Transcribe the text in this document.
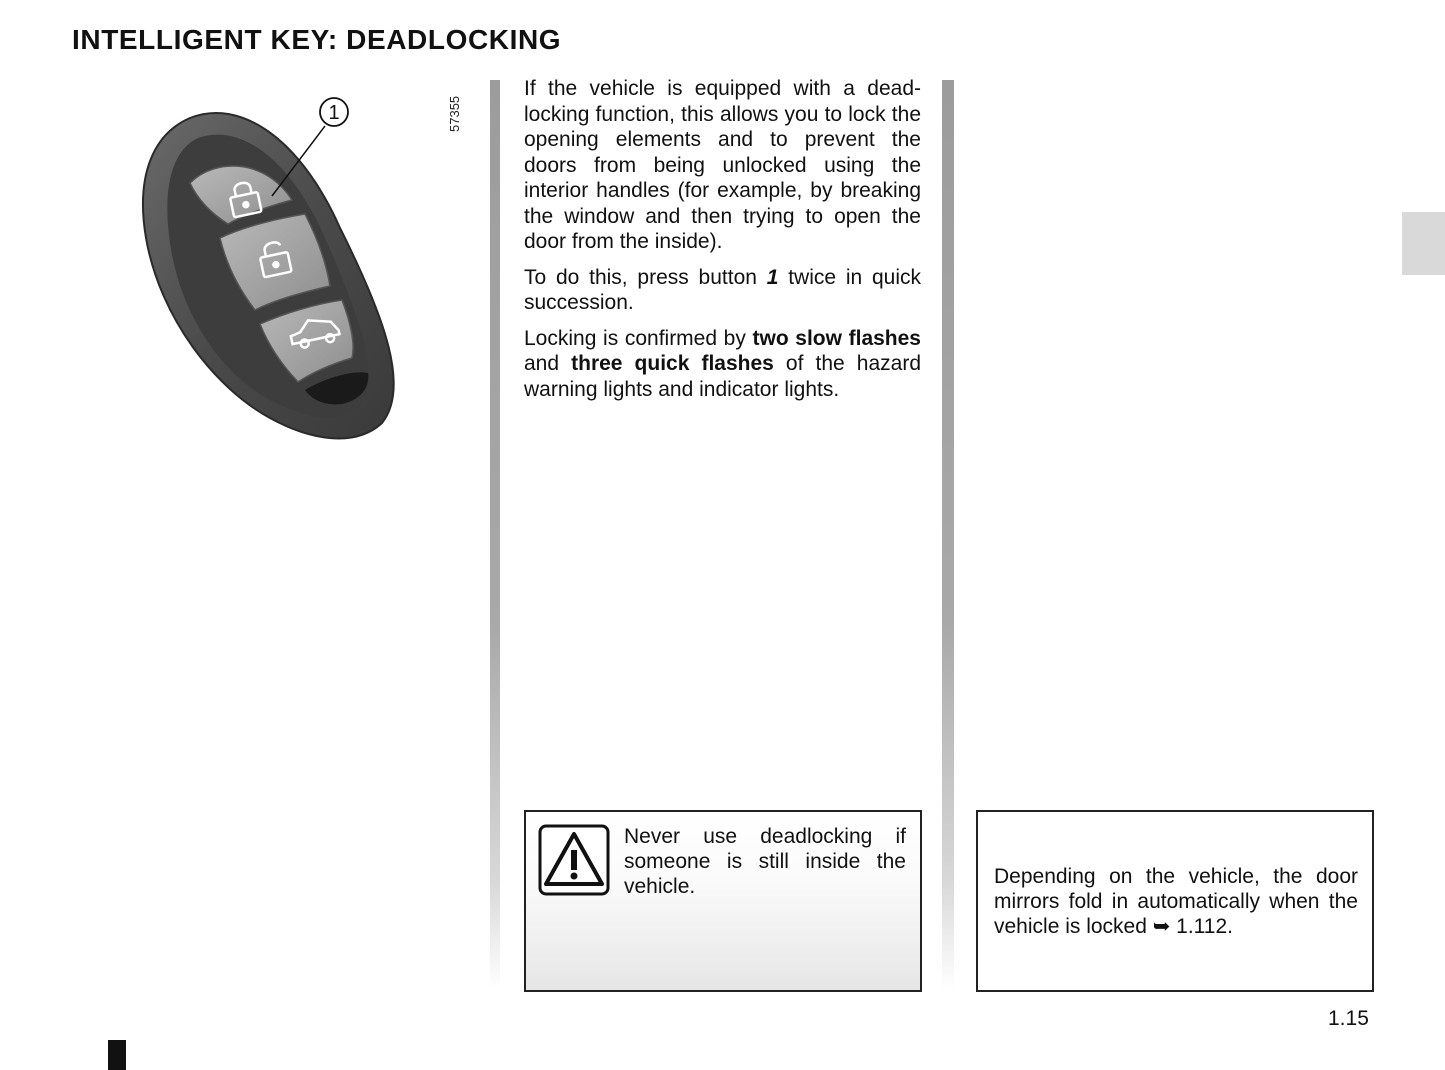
INTELLIGENT KEY: DEADLOCKING
1	57355

If the vehicle is equipped with a dead-locking function, this allows you to lock the opening elements and to prevent the doors from being unlocked using the interior handles (for example, by breaking the window and then trying to open the door from the inside).

To do this, press button 1 twice in quick succession.

Locking is confirmed by two slow flashes and three quick flashes of the hazard warning lights and indicator lights.

Never use deadlocking if someone is still inside the vehicle.	Depending on the vehicle, the door mirrors fold in automatically when the vehicle is locked ➥ 1.112.

1.15
